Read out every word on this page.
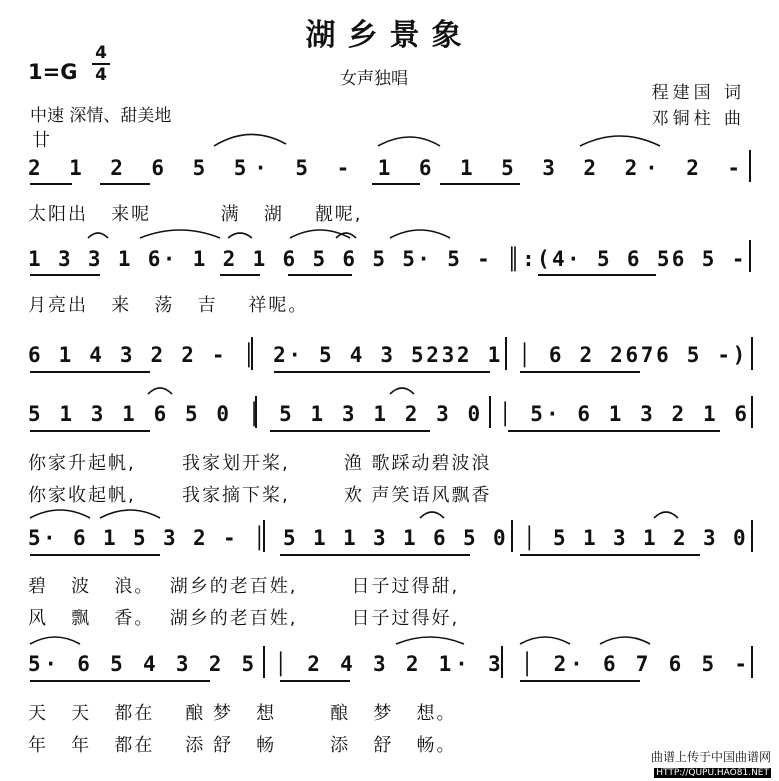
湖乡景象
1=G
4
4	女声独唱
中速 深情、甜美地
廿
程建国 词
邓铜柱 曲
2 1 2 6 5 5· 5 - 1 6 1 5 3 2 2· 2 -
1 3 3 1 6· 1 2 1 6 5 6 5 5· 5 - ║:(4· 5 6 56 5 -
6 1 4 3 2 2 - │ 2· 5 4 3 5232 1 │ 6 2 2676 5 -)
5 1 3 1 6 5 0 │ 5 1 3 1 2 3 0 │ 5· 6 1 3 2 1 6
5· 6 1 5 3 2 - │ 5 1 1 3 1 6 5 0 │ 5 1 3 1 2 3 0
5· 6 5 4 3 2 5 │ 2 4 3 2 1· 3 │ 2· 6 7 6 5 -
太阳出   来呢         满   湖    靓呢,
月亮出   来   荡   吉    祥呢。
你家升起帆,      我家划开桨,       渔 歌踩动碧波浪
你家收起帆,      我家摘下桨,       欢 声笑语风飘香
碧   波   浪。  湖乡的老百姓,       日子过得甜,
风   飘   香。  湖乡的老百姓,       日子过得好,
天   天   都在    酿 梦   想       酿   梦   想。
年   年   都在    添 舒   畅       添   舒   畅。
曲谱上传于中国曲谱网
HTTP://QUPU.HAO81.NET
